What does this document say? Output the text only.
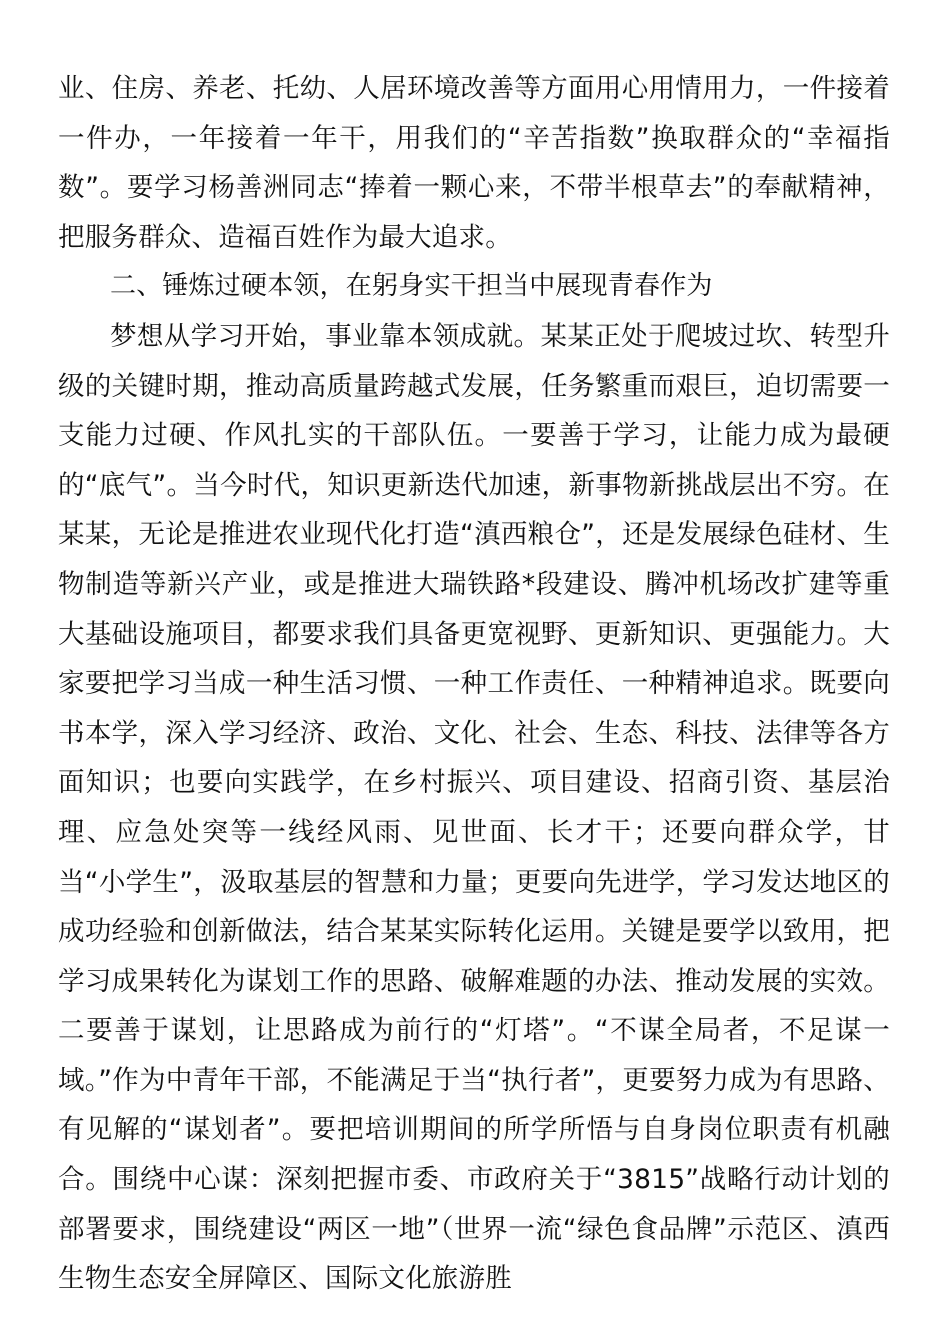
业、住房、养老、托幼、人居环境改善等方面用心用情用力，一件接着一件办，一年接着一年干，用我们的“辛苦指数”换取群众的“幸福指数”。要学习杨善洲同志“捧着一颗心来，不带半根草去”的奉献精神，把服务群众、造福百姓作为最大追求。

二、锤炼过硬本领，在躬身实干担当中展现青春作为

梦想从学习开始，事业靠本领成就。某某正处于爬坡过坎、转型升级的关键时期，推动高质量跨越式发展，任务繁重而艰巨，迫切需要一支能力过硬、作风扎实的干部队伍。一要善于学习，让能力成为最硬的“底气”。当今时代，知识更新迭代加速，新事物新挑战层出不穷。在某某，无论是推进农业现代化打造“滇西粮仓”，还是发展绿色硅材、生物制造等新兴产业，或是推进大瑞铁路*段建设、腾冲机场改扩建等重大基础设施项目，都要求我们具备更宽视野、更新知识、更强能力。大家要把学习当成一种生活习惯、一种工作责任、一种精神追求。既要向书本学，深入学习经济、政治、文化、社会、生态、科技、法律等各方面知识；也要向实践学，在乡村振兴、项目建设、招商引资、基层治理、应急处突等一线经风雨、见世面、长才干；还要向群众学，甘当“小学生”，汲取基层的智慧和力量；更要向先进学，学习发达地区的成功经验和创新做法，结合某某实际转化运用。关键是要学以致用，把学习成果转化为谋划工作的思路、破解难题的办法、推动发展的实效。二要善于谋划，让思路成为前行的“灯塔”。“不谋全局者，不足谋一域。”作为中青年干部，不能满足于当“执行者”，更要努力成为有思路、有见解的“谋划者”。要把培训期间的所学所悟与自身岗位职责有机融合。围绕中心谋：深刻把握市委、市政府关于“3815”战略行动计划的部署要求，围绕建设“两区一地”（世界一流“绿色食品牌”示范区、滇西生物生态安全屏障区、国际文化旅游胜
